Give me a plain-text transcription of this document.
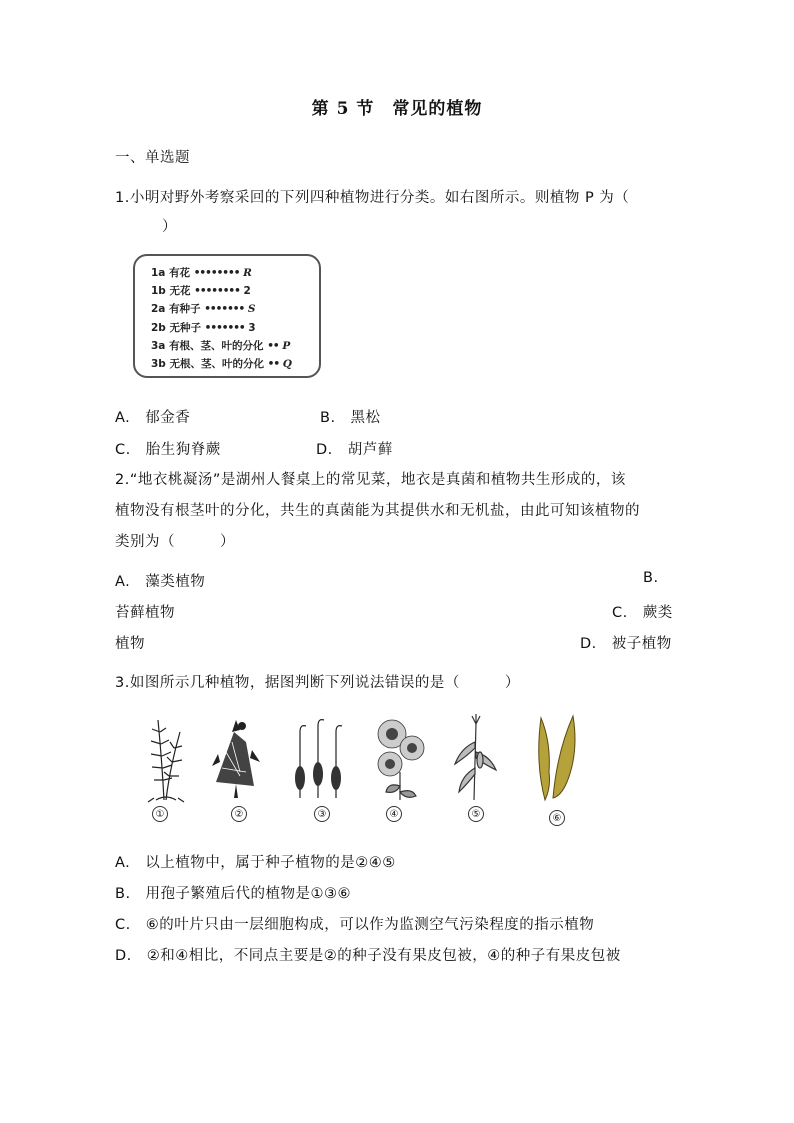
第 5 节　常见的植物
一、单选题
1.小明对野外考察采回的下列四种植物进行分类。如右图所示。则植物 P 为（
）
1a 有花 •••••••• R
1b 无花 •••••••• 2
2a 有种子 ••••••• S
2b 无种子 ••••••• 3
3a 有根、茎、叶的分化 •• P
3b 无根、茎、叶的分化 •• Q
A.　郁金香	B.　黑松
C.　胎生狗脊蕨	D.　胡芦藓
2.“地衣桃凝汤”是湖州人餐桌上的常见菜，地衣是真菌和植物共生形成的，该
植物没有根茎叶的分化，共生的真菌能为其提供水和无机盐，由此可知该植物的
类别为（　　　）
A.　藻类植物	B.
苔藓植物	C.　蕨类
植物	D.　被子植物
3.如图所示几种植物，据图判断下列说法错误的是（　　　）
①	②	③	④	⑤	⑥
A.　以上植物中，属于种子植物的是②④⑤
B.　用孢子繁殖后代的植物是①③⑥
C.　⑥的叶片只由一层细胞构成，可以作为监测空气污染程度的指示植物
D.　②和④相比，不同点主要是②的种子没有果皮包被，④的种子有果皮包被
